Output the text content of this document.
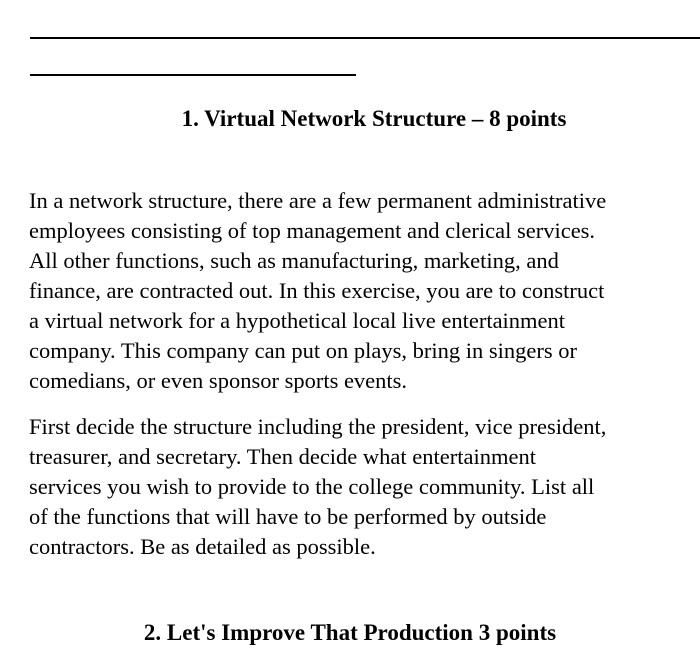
1. Virtual Network Structure – 8 points

In a network structure, there are a few permanent administrative
employees consisting of top management and clerical services.
All other functions, such as manufacturing, marketing, and
finance, are contracted out. In this exercise, you are to construct
a virtual network for a hypothetical local live entertainment
company. This company can put on plays, bring in singers or
comedians, or even sponsor sports events.

First decide the structure including the president, vice president,
treasurer, and secretary. Then decide what entertainment
services you wish to provide to the college community. List all
of the functions that will have to be performed by outside
contractors. Be as detailed as possible.

2. Let's Improve That Production 3 points
